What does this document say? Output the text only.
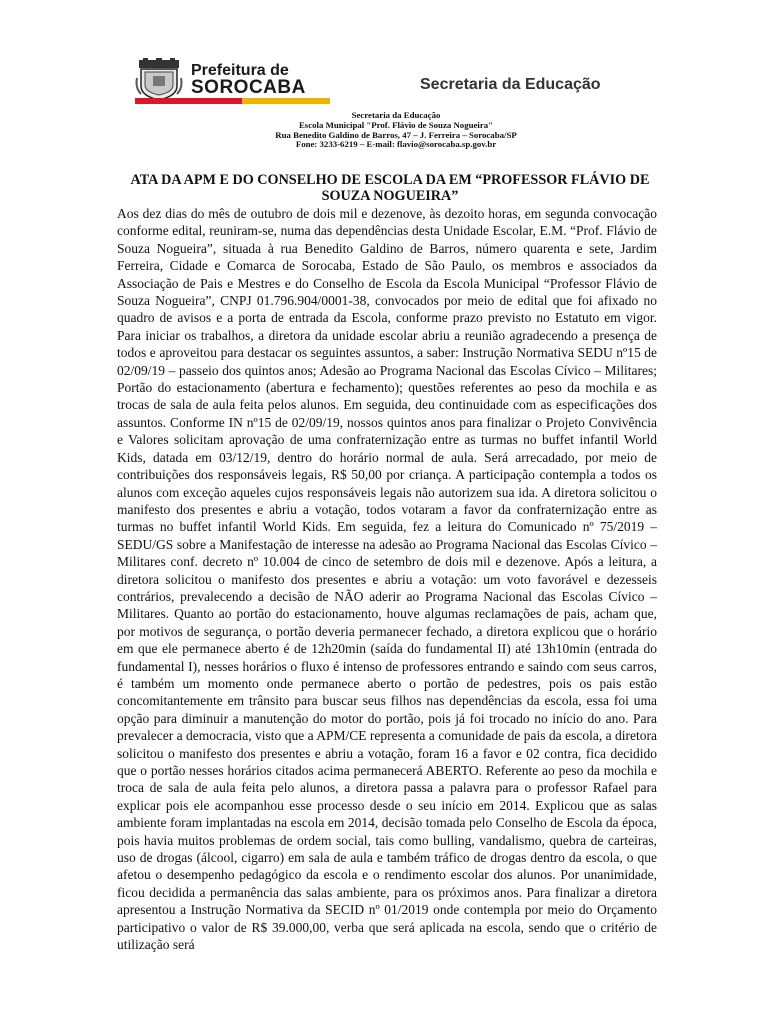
Prefeitura de
SOROCABA	Secretaria da Educação
Secretaria da Educação
Escola Municipal "Prof. Flávio de Souza Nogueira"
Rua Benedito Galdino de Barros, 47 – J. Ferreira – Sorocaba/SP
Fone: 3233-6219 – E-mail: flavio@sorocaba.sp.gov.br
ATA DA APM E DO CONSELHO DE ESCOLA DA EM “PROFESSOR FLÁVIO DE SOUZA NOGUEIRA”
Aos dez dias do mês de outubro de dois mil e dezenove, às dezoito horas, em segunda convocação conforme edital, reuniram-se, numa das dependências desta Unidade Escolar, E.M. “Prof. Flávio de Souza Nogueira”, situada à rua Benedito Galdino de Barros, número quarenta e sete, Jardim Ferreira, Cidade e Comarca de Sorocaba, Estado de São Paulo, os membros e associados da Associação de Pais e Mestres e do Conselho de Escola da Escola Municipal “Professor Flávio de Souza Nogueira”, CNPJ 01.796.904/0001-38, convocados por meio de edital que foi afixado no quadro de avisos e a porta de entrada da Escola, conforme prazo previsto no Estatuto em vigor. Para iniciar os trabalhos, a diretora da unidade escolar abriu a reunião agradecendo a presença de todos e aproveitou para destacar os seguintes assuntos, a saber: Instrução Normativa SEDU nº15 de 02/09/19 – passeio dos quintos anos; Adesão ao Programa Nacional das Escolas Cívico – Militares; Portão do estacionamento (abertura e fechamento); questões referentes ao peso da mochila e as trocas de sala de aula feita pelos alunos. Em seguida, deu continuidade com as especificações dos assuntos. Conforme IN nº15 de 02/09/19, nossos quintos anos para finalizar o Projeto Convivência e Valores solicitam aprovação de uma confraternização entre as turmas no buffet infantil World Kids, datada em 03/12/19, dentro do horário normal de aula. Será arrecadado, por meio de contribuições dos responsáveis legais, R$ 50,00 por criança. A participação contempla a todos os alunos com exceção aqueles cujos responsáveis legais não autorizem sua ida. A diretora solicitou o manifesto dos presentes e abriu a votação, todos votaram a favor da confraternização entre as turmas no buffet infantil World Kids. Em seguida, fez a leitura do Comunicado nº 75/2019 – SEDU/GS sobre a Manifestação de interesse na adesão ao Programa Nacional das Escolas Cívico – Militares conf. decreto nº 10.004 de cinco de setembro de dois mil e dezenove. Após a leitura, a diretora solicitou o manifesto dos presentes e abriu a votação: um voto favorável e dezesseis contrários, prevalecendo a decisão de NÃO aderir ao Programa Nacional das Escolas Cívico – Militares. Quanto ao portão do estacionamento, houve algumas reclamações de pais, acham que, por motivos de segurança, o portão deveria permanecer fechado, a diretora explicou que o horário em que ele permanece aberto é de 12h20min (saída do fundamental II) até 13h10min (entrada do fundamental I), nesses horários o fluxo é intenso de professores entrando e saindo com seus carros, é também um momento onde permanece aberto o portão de pedestres, pois os pais estão concomitantemente em trânsito para buscar seus filhos nas dependências da escola, essa foi uma opção para diminuir a manutenção do motor do portão, pois já foi trocado no início do ano. Para prevalecer a democracia, visto que a APM/CE representa a comunidade de pais da escola, a diretora solicitou o manifesto dos presentes e abriu a votação, foram 16 a favor e 02 contra, fica decidido que o portão nesses horários citados acima permanecerá ABERTO. Referente ao peso da mochila e troca de sala de aula feita pelo alunos, a diretora passa a palavra para o professor Rafael para explicar pois ele acompanhou esse processo desde o seu início em 2014. Explicou que as salas ambiente foram implantadas na escola em 2014, decisão tomada pelo Conselho de Escola da época, pois havia muitos problemas de ordem social, tais como bulling, vandalismo, quebra de carteiras, uso de drogas (álcool, cigarro) em sala de aula e também tráfico de drogas dentro da escola, o que afetou o desempenho pedagógico da escola e o rendimento escolar dos alunos. Por unanimidade, ficou decidida a permanência das salas ambiente, para os próximos anos. Para finalizar a diretora apresentou a Instrução Normativa da SECID nº 01/2019 onde contempla por meio do Orçamento participativo o valor de R$ 39.000,00, verba que será aplicada na escola, sendo que o critério de utilização será
